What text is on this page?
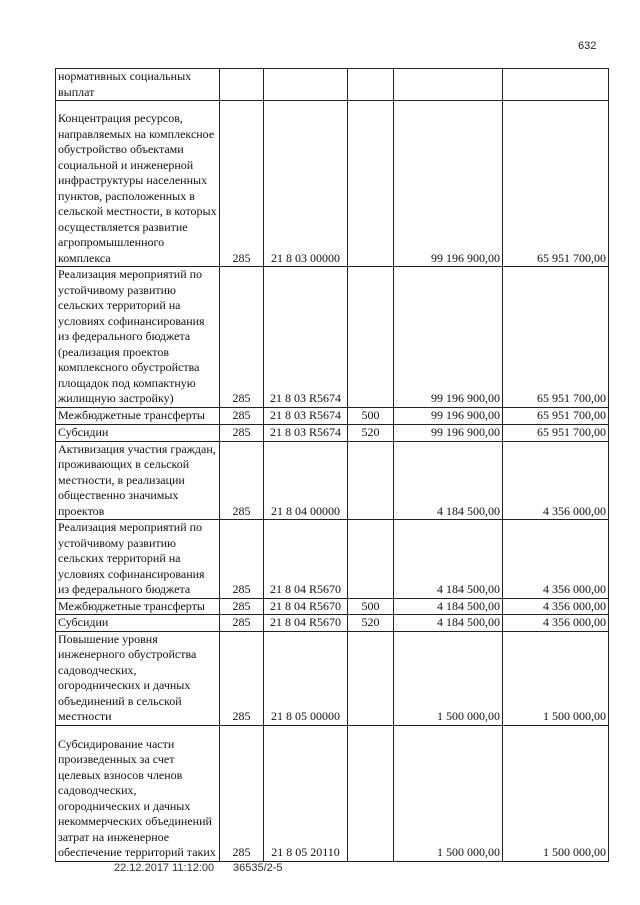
632
нормативных социальных выплат					
Концентрация ресурсов, направляемых на комплексное обустройство объектами социальной и инженерной инфраструктуры населенных пунктов, расположенных в сельской местности, в которых осуществляется развитие агропромышленного комплекса	285	21 8 03 00000		99 196 900,00	65 951 700,00
Реализация мероприятий по устойчивому развитию сельских территорий на условиях софинансирования из федерального бюджета (реализация проектов комплексного обустройства площадок под компактную жилищную застройку)	285	21 8 03 R5674		99 196 900,00	65 951 700,00
Межбюджетные трансферты	285	21 8 03 R5674	500	99 196 900,00	65 951 700,00
Субсидии	285	21 8 03 R5674	520	99 196 900,00	65 951 700,00
Активизация участия граждан, проживающих в сельской местности, в реализации общественно значимых проектов	285	21 8 04 00000		4 184 500,00	4 356 000,00
Реализация мероприятий по устойчивому развитию сельских территорий на условиях софинансирования из федерального бюджета	285	21 8 04 R5670		4 184 500,00	4 356 000,00
Межбюджетные трансферты	285	21 8 04 R5670	500	4 184 500,00	4 356 000,00
Субсидии	285	21 8 04 R5670	520	4 184 500,00	4 356 000,00
Повышение уровня инженерного обустройства садоводческих, огороднических и дачных объединений в сельской местности	285	21 8 05 00000		1 500 000,00	1 500 000,00
Субсидирование части произведенных за счет целевых взносов членов садоводческих, огороднических и дачных некоммерческих объединений затрат на инженерное обеспечение территорий таких	285	21 8 05 20110		1 500 000,00	1 500 000,00
22.12.2017 11:12:00 36535/2-5
